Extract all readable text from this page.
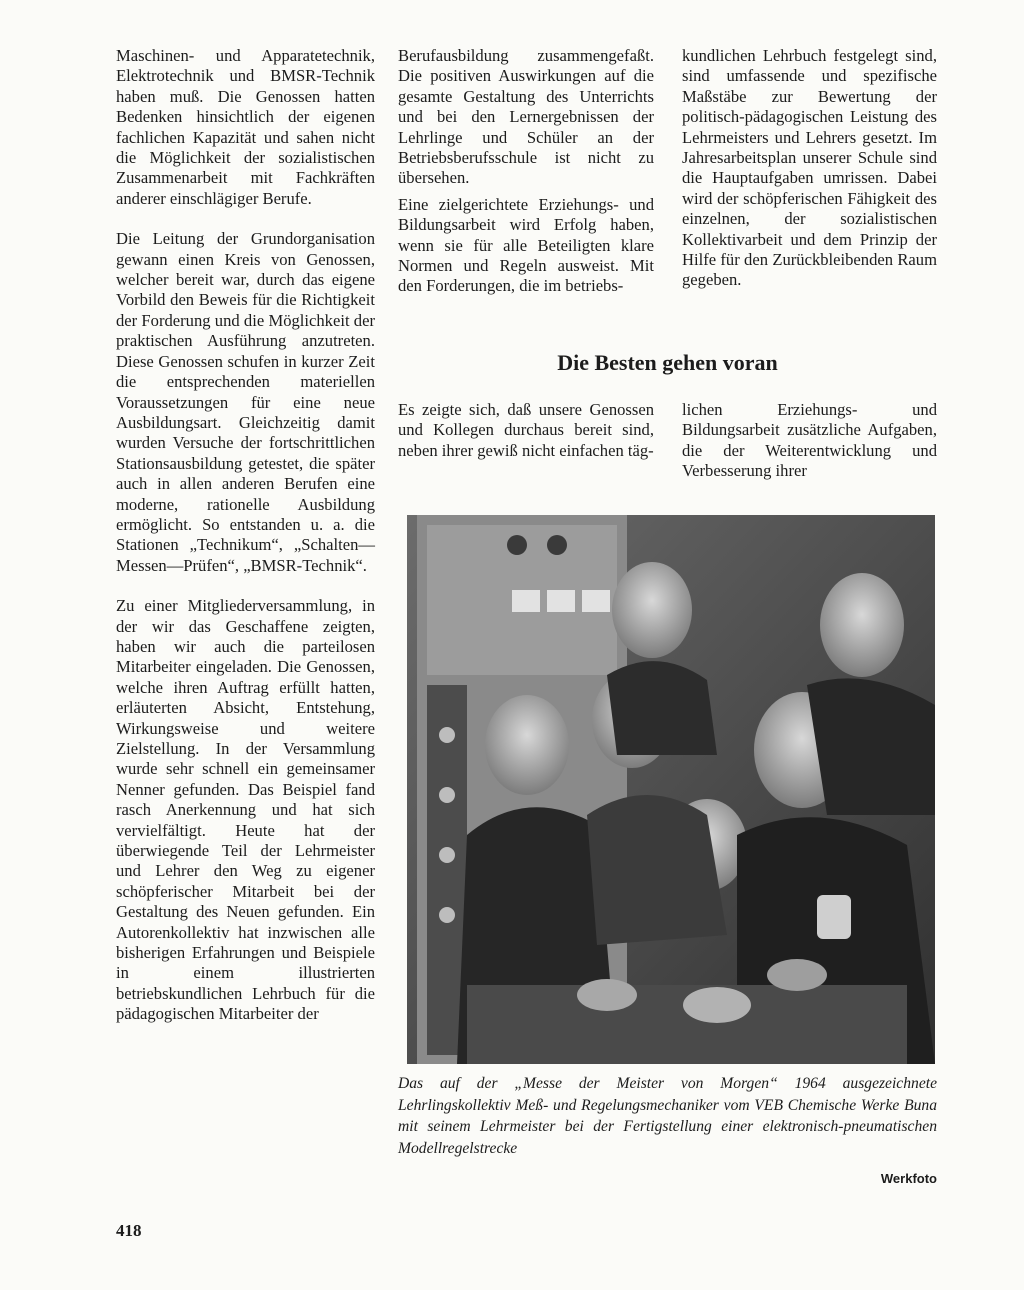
Maschinen- und Apparatetechnik, Elektrotechnik und BMSR-Technik haben muß. Die Genossen hatten Bedenken hinsichtlich der eigenen fachlichen Kapazität und sahen nicht die Möglichkeit der sozialistischen Zusammenarbeit mit Fachkräften anderer einschlägiger Berufe.

Die Leitung der Grundorganisation gewann einen Kreis von Genossen, welcher bereit war, durch das eigene Vorbild den Beweis für die Richtigkeit der Forderung und die Möglichkeit der praktischen Ausführung anzutreten. Diese Genossen schufen in kurzer Zeit die entsprechenden materiellen Voraussetzungen für eine neue Ausbildungsart. Gleichzeitig damit wurden Versuche der fortschrittlichen Stationsausbildung getestet, die später auch in allen anderen Berufen eine moderne, rationelle Ausbildung ermöglicht. So entstanden u. a. die Stationen „Technikum“, „Schalten—Messen—Prüfen“, „BMSR-Technik“.

Zu einer Mitgliederversammlung, in der wir das Geschaffene zeigten, haben wir auch die parteilosen Mitarbeiter eingeladen. Die Genossen, welche ihren Auftrag erfüllt hatten, erläuterten Absicht, Entstehung, Wirkungsweise und weitere Zielstellung. In der Versammlung wurde sehr schnell ein gemeinsamer Nenner gefunden. Das Beispiel fand rasch Anerkennung und hat sich vervielfältigt. Heute hat der überwiegende Teil der Lehrmeister und Lehrer den Weg zu eigener schöpferischer Mitarbeit bei der Gestaltung des Neuen gefunden. Ein Autorenkollektiv hat inzwischen alle bisherigen Erfahrungen und Beispiele in einem illustrierten betriebskundlichen Lehrbuch für die pädagogischen Mitarbeiter der

Berufausbildung zusammengefaßt. Die positiven Auswirkungen auf die gesamte Gestaltung des Unterrichts und bei den Lernergebnissen der Lehrlinge und Schüler an der Betriebsberufsschule ist nicht zu übersehen.

Eine zielgerichtete Erziehungs- und Bildungsarbeit wird Erfolg haben, wenn sie für alle Beteiligten klare Normen und Regeln ausweist. Mit den Forderungen, die im betriebs-

kundlichen Lehrbuch festgelegt sind, sind umfassende und spezifische Maßstäbe zur Bewertung der politisch-pädagogischen Leistung des Lehrmeisters und Lehrers gesetzt. Im Jahresarbeitsplan unserer Schule sind die Hauptaufgaben umrissen. Dabei wird der schöpferischen Fähigkeit des einzelnen, der sozialistischen Kollektivarbeit und dem Prinzip der Hilfe für den Zurückbleibenden Raum gegeben.

Die Besten gehen voran

Es zeigte sich, daß unsere Genossen und Kollegen durchaus bereit sind, neben ihrer gewiß nicht einfachen täg-

lichen Erziehungs- und Bildungsarbeit zusätzliche Aufgaben, die der Weiterentwicklung und Verbesserung ihrer

Das auf der „Messe der Meister von Morgen“ 1964 ausgezeichnete Lehrlingskollektiv Meß- und Regelungsmechaniker vom VEB Chemische Werke Buna mit seinem Lehrmeister bei der Fertigstellung einer elektronisch-pneumatischen Modellregelstrecke

Werkfoto

418
